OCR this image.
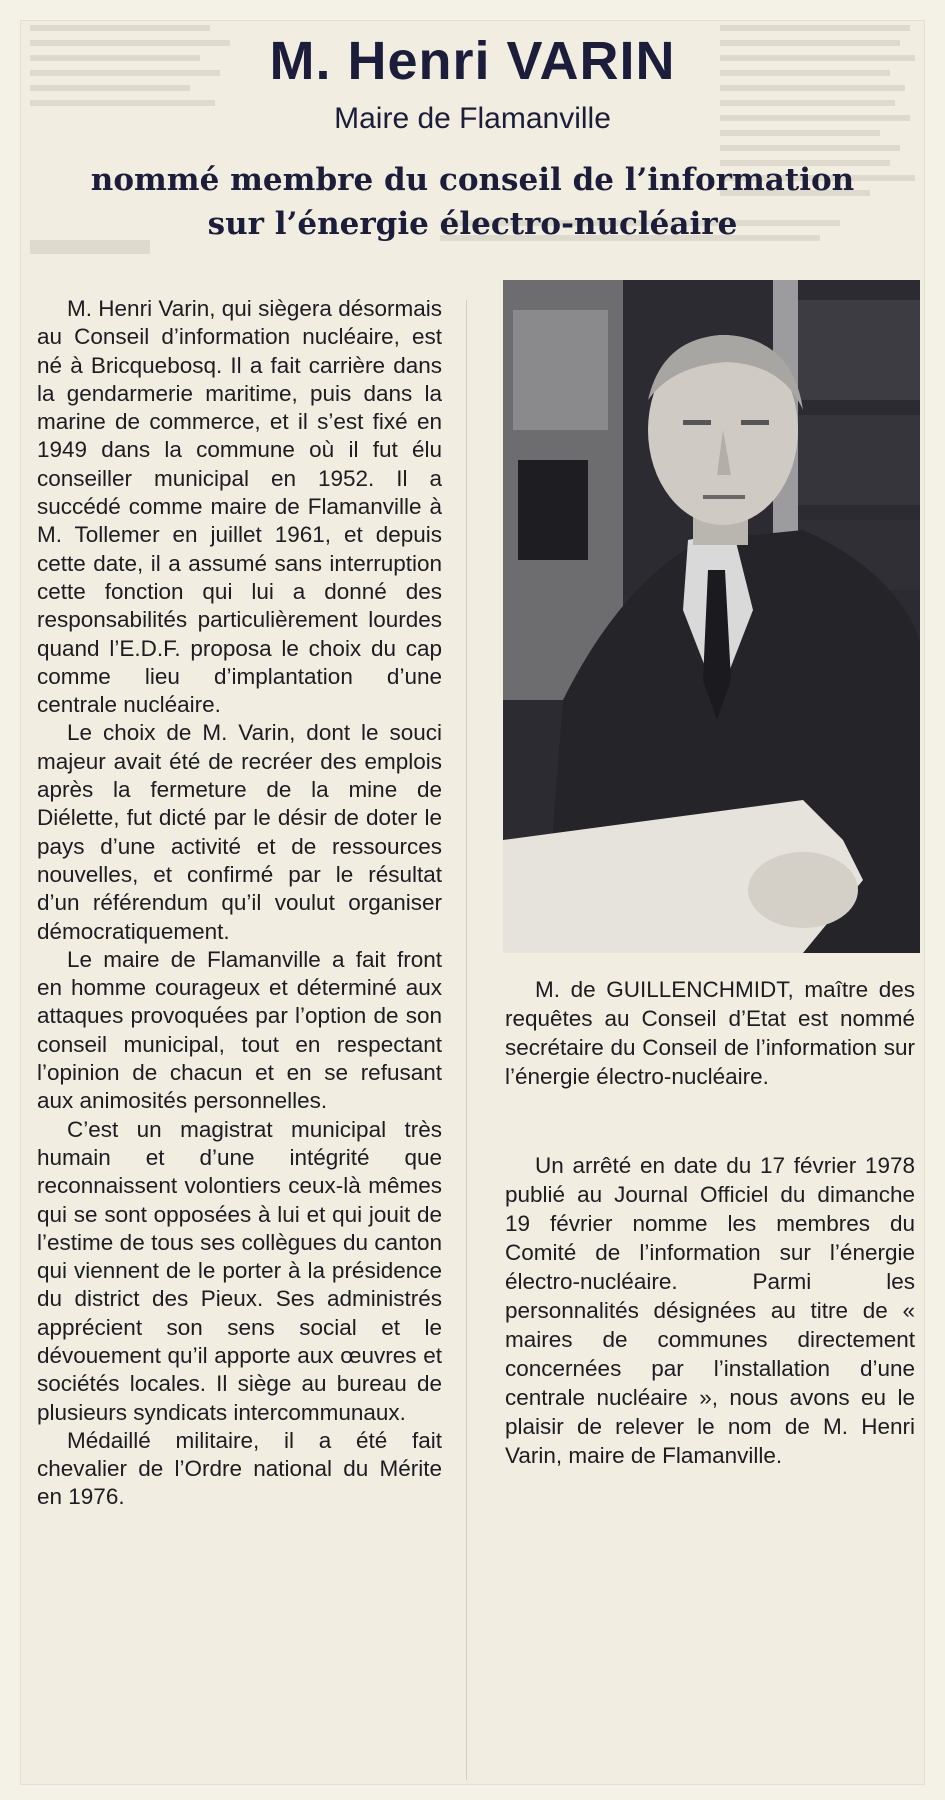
M. Henri VARIN
Maire de Flamanville
nommé membre du conseil de l’information
sur l’énergie électro-nucléaire

M. Henri Varin, qui siègera désormais au Conseil d’information nucléaire, est né à Bricquebosq. Il a fait carrière dans la gendarmerie maritime, puis dans la marine de commerce, et il s’est fixé en 1949 dans la commune où il fut élu conseiller municipal en 1952. Il a succédé comme maire de Flamanville à M. Tollemer en juillet 1961, et depuis cette date, il a assumé sans interruption cette fonction qui lui a donné des responsabilités particulièrement lourdes quand l’E.D.F. proposa le choix du cap comme lieu d’implantation d’une centrale nucléaire.

Le choix de M. Varin, dont le souci majeur avait été de recréer des emplois après la fermeture de la mine de Diélette, fut dicté par le désir de doter le pays d’une activité et de ressources nouvelles, et confirmé par le résultat d’un référendum qu’il voulut organiser démocratiquement.

Le maire de Flamanville a fait front en homme courageux et déterminé aux attaques provoquées par l’option de son conseil municipal, tout en respectant l’opinion de chacun et en se refusant aux animosités personnelles.

C’est un magistrat municipal très humain et d’une intégrité que reconnaissent volontiers ceux-là mêmes qui se sont opposées à lui et qui jouit de l’estime de tous ses collègues du canton qui viennent de le porter à la présidence du district des Pieux. Ses administrés apprécient son sens social et le dévouement qu’il apporte aux œuvres et sociétés locales. Il siège au bureau de plusieurs syndicats intercommunaux.

Médaillé militaire, il a été fait chevalier de l’Ordre national du Mérite en 1976.

M. de GUILLENCHMIDT, maître des requêtes au Conseil d’Etat est nommé secrétaire du Conseil de l’information sur l’énergie électro-nucléaire.

Un arrêté en date du 17 février 1978 publié au Journal Officiel du dimanche 19 février nomme les membres du Comité de l’information sur l’énergie électro-nucléaire. Parmi les personnalités désignées au titre de « maires de communes directement concernées par l’installation d’une centrale nucléaire », nous avons eu le plaisir de relever le nom de M. Henri Varin, maire de Flamanville.
